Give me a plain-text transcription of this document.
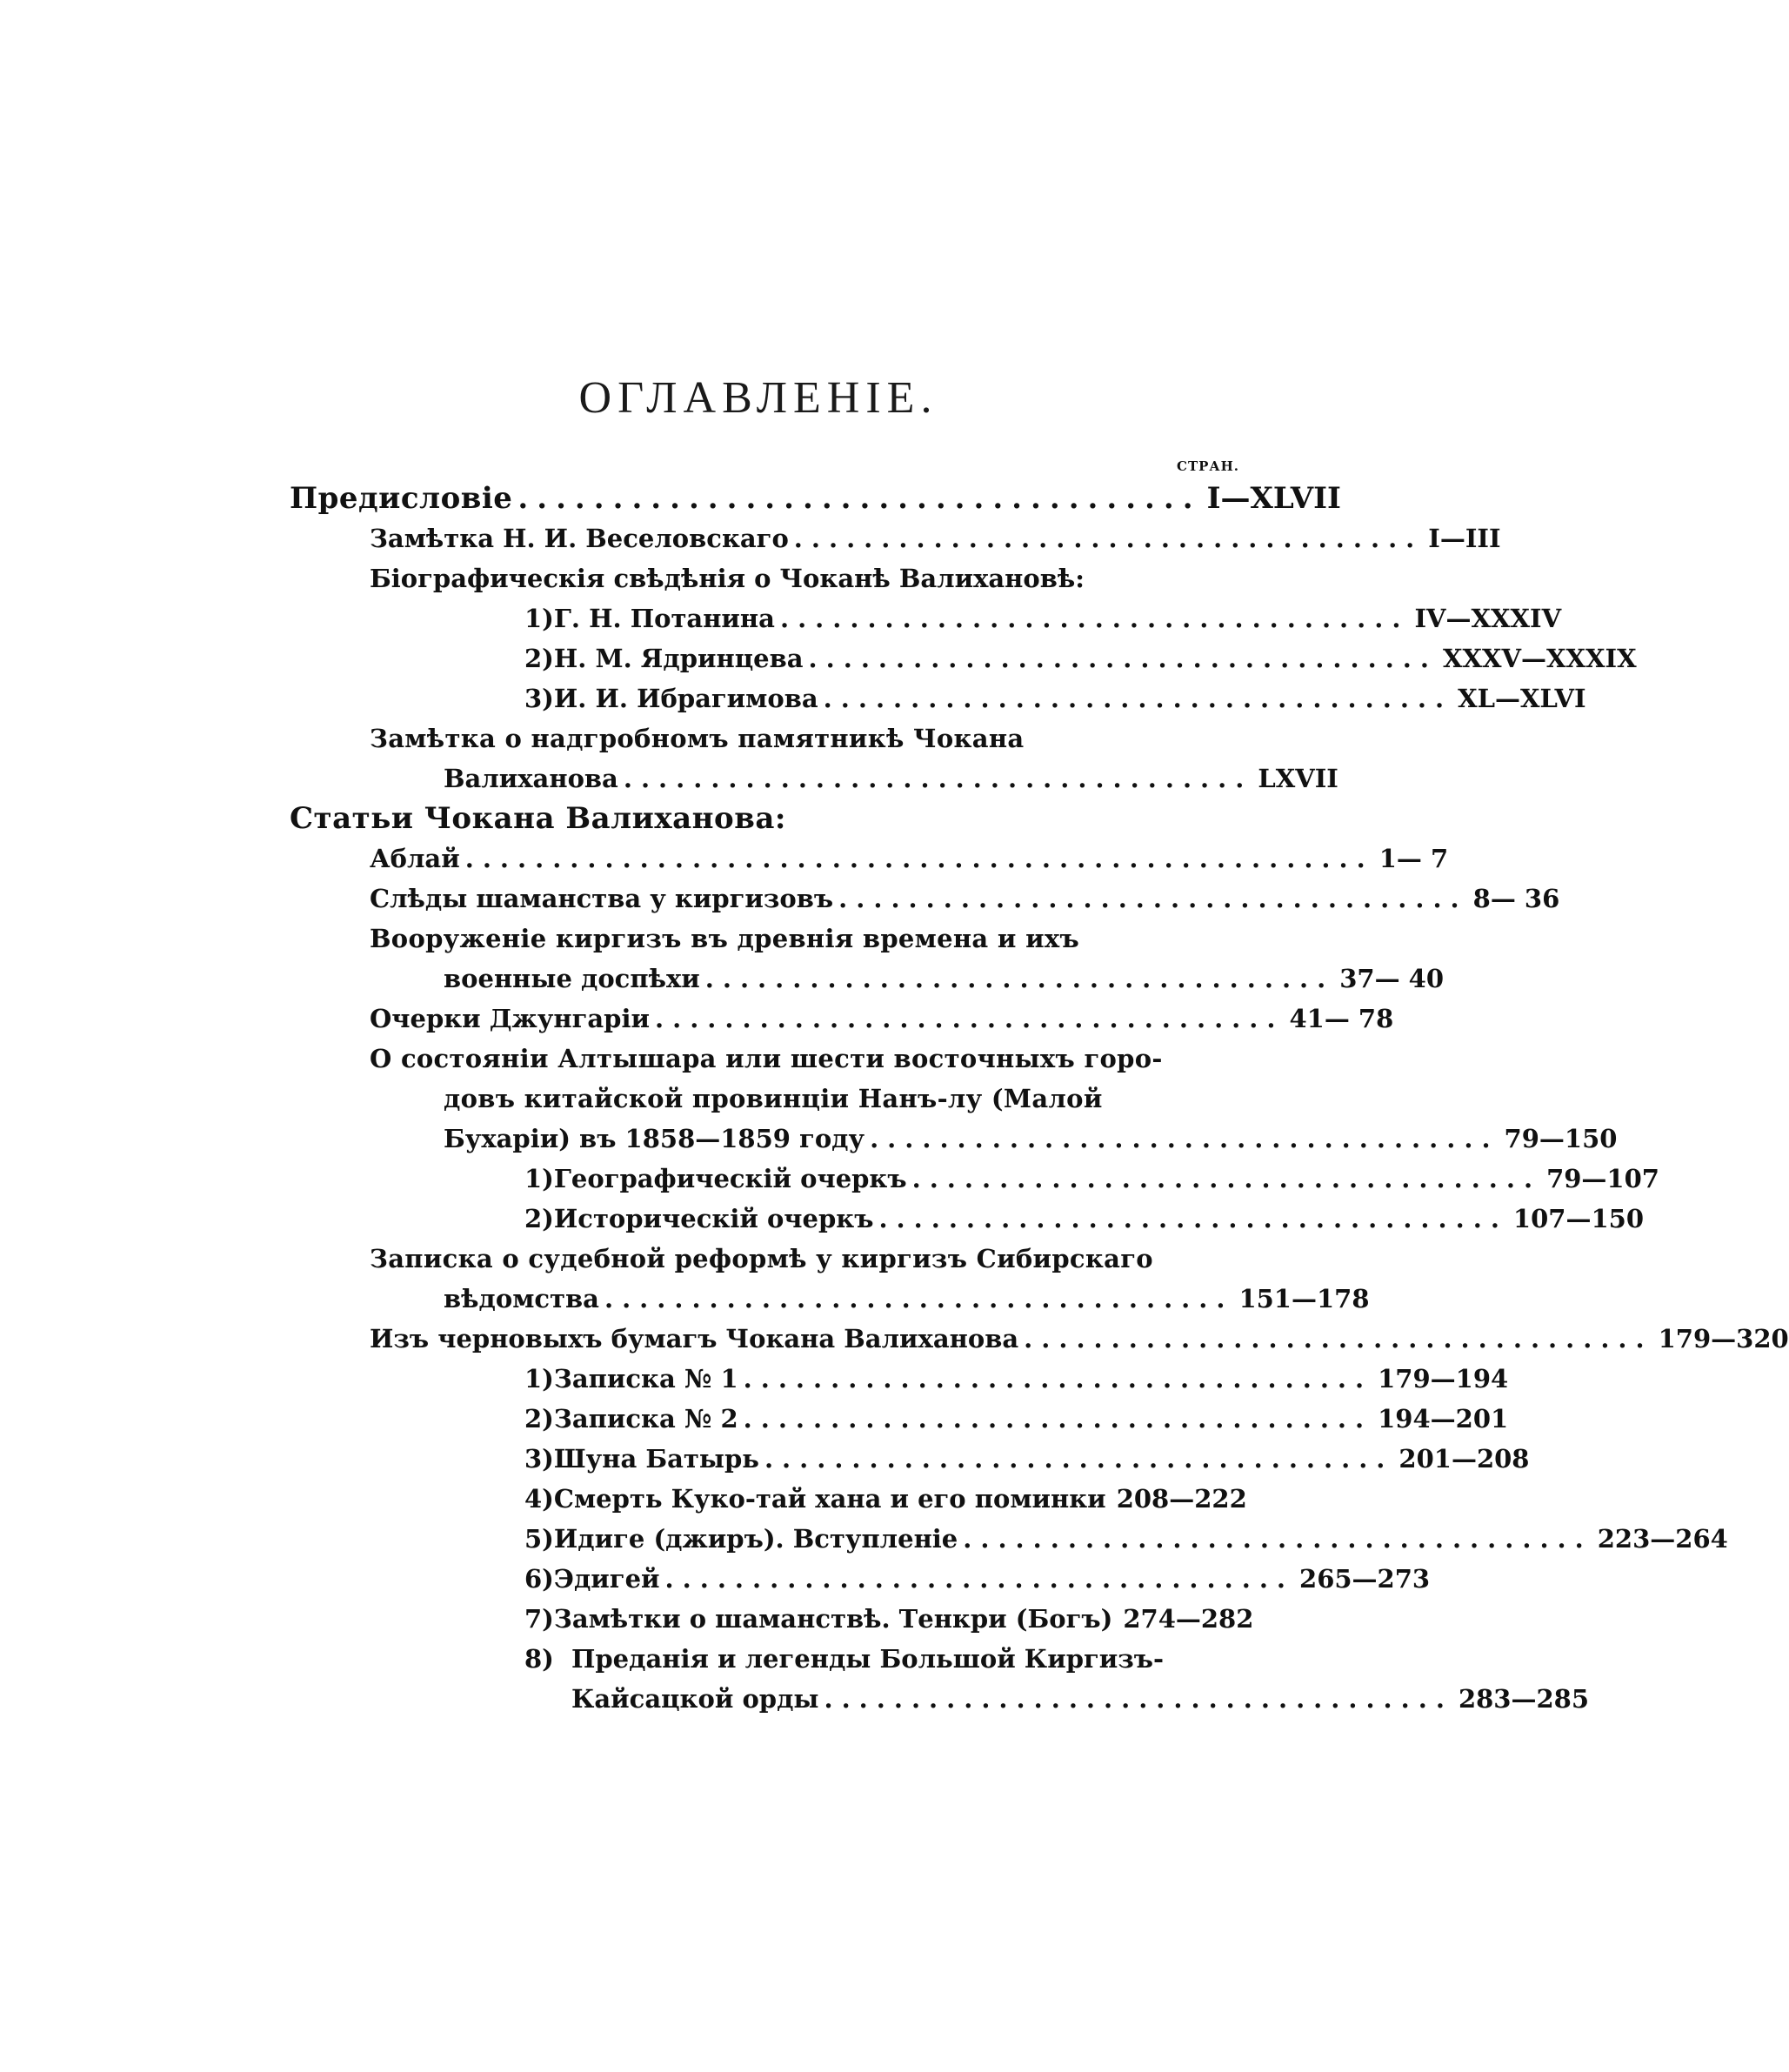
ОГЛАВЛЕНІЕ.
СТРАН.
Предисловіе .................................... I—XLVII
Замѣтка Н. И. Веселовскаго .................................... I—III
Біографическія свѣдѣнія о Чоканѣ Валихановѣ:
1) Г. Н. Потанина .................................... IV—XXXIV
2) Н. М. Ядринцева .................................... XXXV—XXXIX
3) И. И. Ибрагимова .................................... XL—XLVI
Замѣтка о надгробномъ памятникѣ Чокана
Валиханова .................................... LXVII
Статьи Чокана Валиханова:
Аблай .................................................... 1— 7
Слѣды шаманства у киргизовъ .................................... 8— 36
Вооруженіе киргизъ въ древнія времена и ихъ
военные доспѣхи .................................... 37— 40
Очерки Джунгаріи .................................... 41— 78
О состояніи Алтышара или шести восточныхъ горо-
довъ китайской провинціи Нанъ-лу (Малой
Бухаріи) въ 1858—1859 году .................................... 79—150
1) Географическій очеркъ .................................... 79—107
2) Историческій очеркъ .................................... 107—150
Записка о судебной реформѣ у киргизъ Сибирскаго
вѣдомства .................................... 151—178
Изъ черновыхъ бумагъ Чокана Валиханова .................................... 179—320
1) Записка № 1 .................................... 179—194
2) Записка № 2 .................................... 194—201
3) Шуна Батырь .................................... 201—208
4) Смерть Куко-тай хана и его поминки 208—222
5) Идиге (джиръ). Вступленіе .................................... 223—264
6) Эдигей .................................... 265—273
7) Замѣтки о шаманствѣ. Тенкри (Богъ) 274—282
8) Преданія и легенды Большой Киргизъ-
Кайсацкой орды .................................... 283—285
